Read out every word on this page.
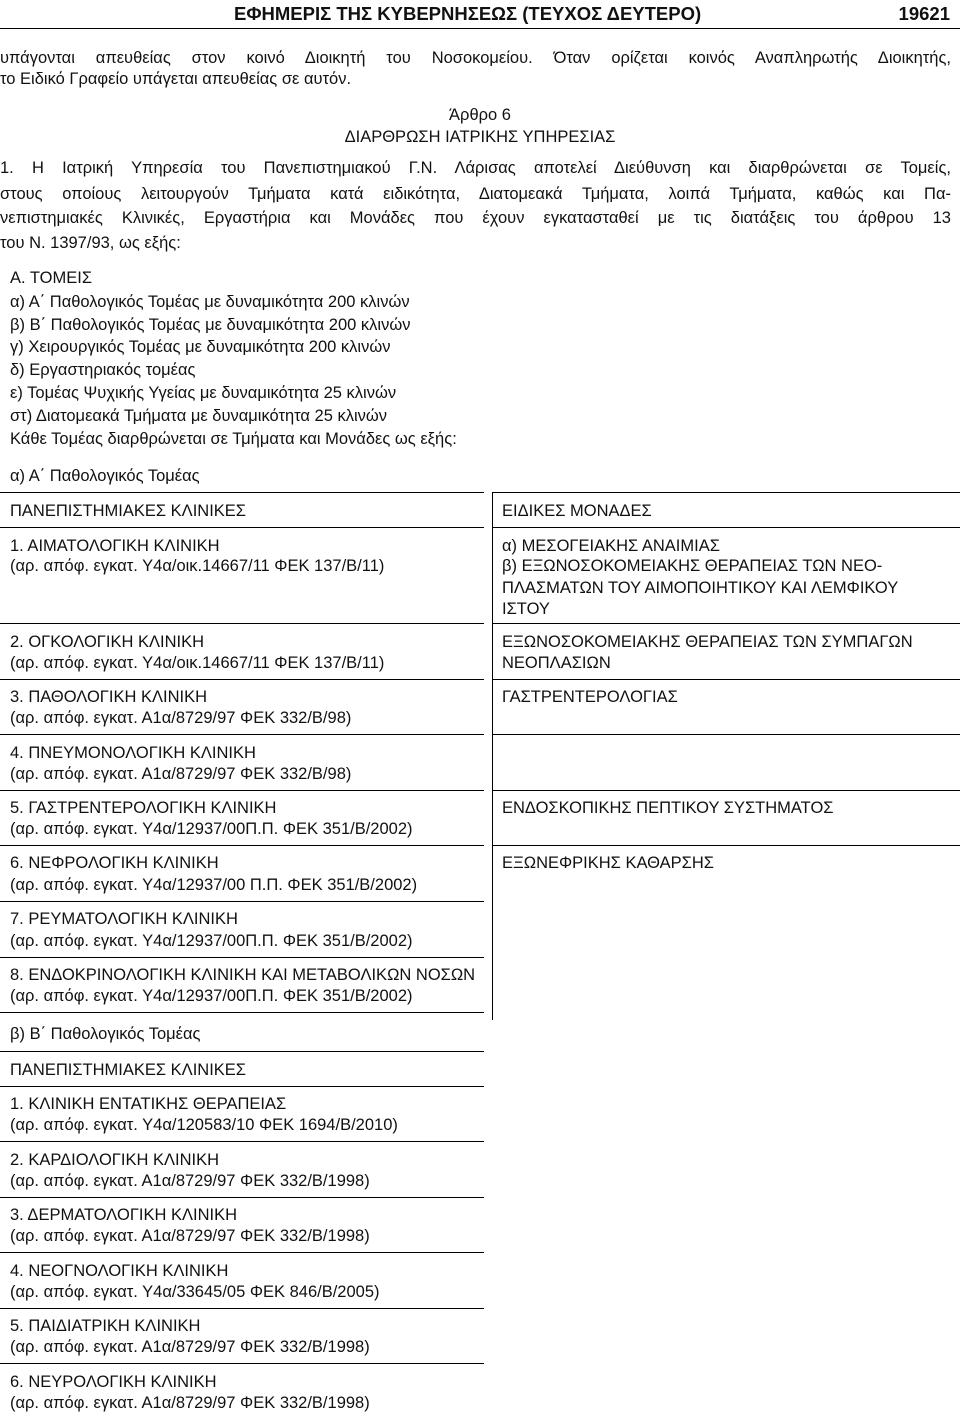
ΕΦΗΜΕΡΙΣ ΤΗΣ ΚΥΒΕΡΝΗΣΕΩΣ (ΤΕΥΧΟΣ ΔΕΥΤΕΡΟ)	19621
υπάγονται απευθείας στον κοινό Διοικητή του Νοσοκομείου. Όταν ορίζεται κοινός Αναπληρωτής Διοικητής,
το Ειδικό Γραφείο υπάγεται απευθείας σε αυτόν.
Άρθρο 6
ΔΙΑΡΘΡΩΣΗ ΙΑΤΡΙΚΗΣ ΥΠΗΡΕΣΙΑΣ
1. Η Ιατρική Υπηρεσία του Πανεπιστημιακού Γ.Ν. Λάρισας αποτελεί Διεύθυνση και διαρθρώνεται σε Τομείς,
στους οποίους λειτουργούν Τμήματα κατά ειδικότητα, Διατομεακά Τμήματα, λοιπά Τμήματα, καθώς και Πα-
νεπιστημιακές Κλινικές, Εργαστήρια και Μονάδες που έχουν εγκατασταθεί με τις διατάξεις του άρθρου 13
του Ν. 1397/93, ως εξής:
Α. ΤΟΜΕΙΣ
α) Α΄ Παθολογικός Τομέας με δυναμικότητα 200 κλινών
β) Β΄ Παθολογικός Τομέας με δυναμικότητα 200 κλινών
γ) Χειρουργικός Τομέας με δυναμικότητα 200 κλινών
δ) Εργαστηριακός τομέας
ε) Τομέας Ψυχικής Υγείας με δυναμικότητα 25 κλινών
στ) Διατομεακά Τμήματα με δυναμικότητα 25 κλινών
Κάθε Τομέας διαρθρώνεται σε Τμήματα και Μονάδες ως εξής:
α) Α΄ Παθολογικός Τομέας
ΠΑΝΕΠΙΣΤΗΜΙΑΚΕΣ ΚΛΙΝΙΚΕΣ	ΕΙΔΙΚΕΣ ΜΟΝΑΔΕΣ
1. ΑΙΜΑΤΟΛΟΓΙΚΗ ΚΛΙΝΙΚΗ
(αρ. απόφ. εγκατ. Υ4α/οικ.14667/11 ΦΕΚ 137/Β/11)
2. ΟΓΚΟΛΟΓΙΚΗ ΚΛΙΝΙΚΗ
(αρ. απόφ. εγκατ. Υ4α/οικ.14667/11 ΦΕΚ 137/Β/11)
3. ΠΑΘΟΛΟΓΙΚΗ ΚΛΙΝΙΚΗ
(αρ. απόφ. εγκατ. Α1α/8729/97 ΦΕΚ 332/Β/98)
4. ΠΝΕΥΜΟΝΟΛΟΓΙΚΗ ΚΛΙΝΙΚΗ
(αρ. απόφ. εγκατ. Α1α/8729/97 ΦΕΚ 332/Β/98)
5. ΓΑΣΤΡΕΝΤΕΡΟΛΟΓΙΚΗ ΚΛΙΝΙΚΗ
(αρ. απόφ. εγκατ. Υ4α/12937/00Π.Π. ΦΕΚ 351/Β/2002)
6. ΝΕΦΡΟΛΟΓΙΚΗ ΚΛΙΝΙΚΗ
(αρ. απόφ. εγκατ. Υ4α/12937/00 Π.Π. ΦΕΚ 351/Β/2002)
7. ΡΕΥΜΑΤΟΛΟΓΙΚΗ ΚΛΙΝΙΚΗ
(αρ. απόφ. εγκατ. Υ4α/12937/00Π.Π. ΦΕΚ 351/Β/2002)
8. ΕΝΔΟΚΡΙΝΟΛΟΓΙΚΗ ΚΛΙΝΙΚΗ ΚΑΙ ΜΕΤΑΒΟΛΙΚΩΝ ΝΟΣΩΝ
(αρ. απόφ. εγκατ. Υ4α/12937/00Π.Π. ΦΕΚ 351/Β/2002)
α) ΜΕΣΟΓΕΙΑΚΗΣ ΑΝΑΙΜΙΑΣ
β) ΕΞΩΝΟΣΟΚΟΜΕΙΑΚΗΣ ΘΕΡΑΠΕΙΑΣ ΤΩΝ ΝΕΟ-
ΠΛΑΣΜΑΤΩΝ ΤΟΥ ΑΙΜΟΠΟΙΗΤΙΚΟΥ ΚΑΙ ΛΕΜΦΙΚΟΥ
ΙΣΤΟΥ
ΕΞΩΝΟΣΟΚΟΜΕΙΑΚΗΣ ΘΕΡΑΠΕΙΑΣ ΤΩΝ ΣΥΜΠΑΓΩΝ
ΝΕΟΠΛΑΣΙΩΝ
ΓΑΣΤΡΕΝΤΕΡΟΛΟΓΙΑΣ
ΕΝΔΟΣΚΟΠΙΚΗΣ ΠΕΠΤΙΚΟΥ ΣΥΣΤΗΜΑΤΟΣ
ΕΞΩΝΕΦΡΙΚΗΣ ΚΑΘΑΡΣΗΣ
β) Β΄ Παθολογικός Τομέας
ΠΑΝΕΠΙΣΤΗΜΙΑΚΕΣ ΚΛΙΝΙΚΕΣ
1. ΚΛΙΝΙΚΗ ΕΝΤΑΤΙΚΗΣ ΘΕΡΑΠΕΙΑΣ
(αρ. απόφ. εγκατ. Υ4α/120583/10 ΦΕΚ 1694/Β/2010)
2. ΚΑΡΔΙΟΛΟΓΙΚΗ ΚΛΙΝΙΚΗ
(αρ. απόφ. εγκατ. Α1α/8729/97 ΦΕΚ 332/Β/1998)
3. ΔΕΡΜΑΤΟΛΟΓΙΚΗ ΚΛΙΝΙΚΗ
(αρ. απόφ. εγκατ. Α1α/8729/97 ΦΕΚ 332/Β/1998)
4. ΝΕΟΓΝΟΛΟΓΙΚΗ ΚΛΙΝΙΚΗ
(αρ. απόφ. εγκατ. Υ4α/33645/05 ΦΕΚ 846/Β/2005)
5. ΠΑΙΔΙΑΤΡΙΚΗ ΚΛΙΝΙΚΗ
(αρ. απόφ. εγκατ. Α1α/8729/97 ΦΕΚ 332/Β/1998)
6. ΝΕΥΡΟΛΟΓΙΚΗ ΚΛΙΝΙΚΗ
(αρ. απόφ. εγκατ. Α1α/8729/97 ΦΕΚ 332/Β/1998)
